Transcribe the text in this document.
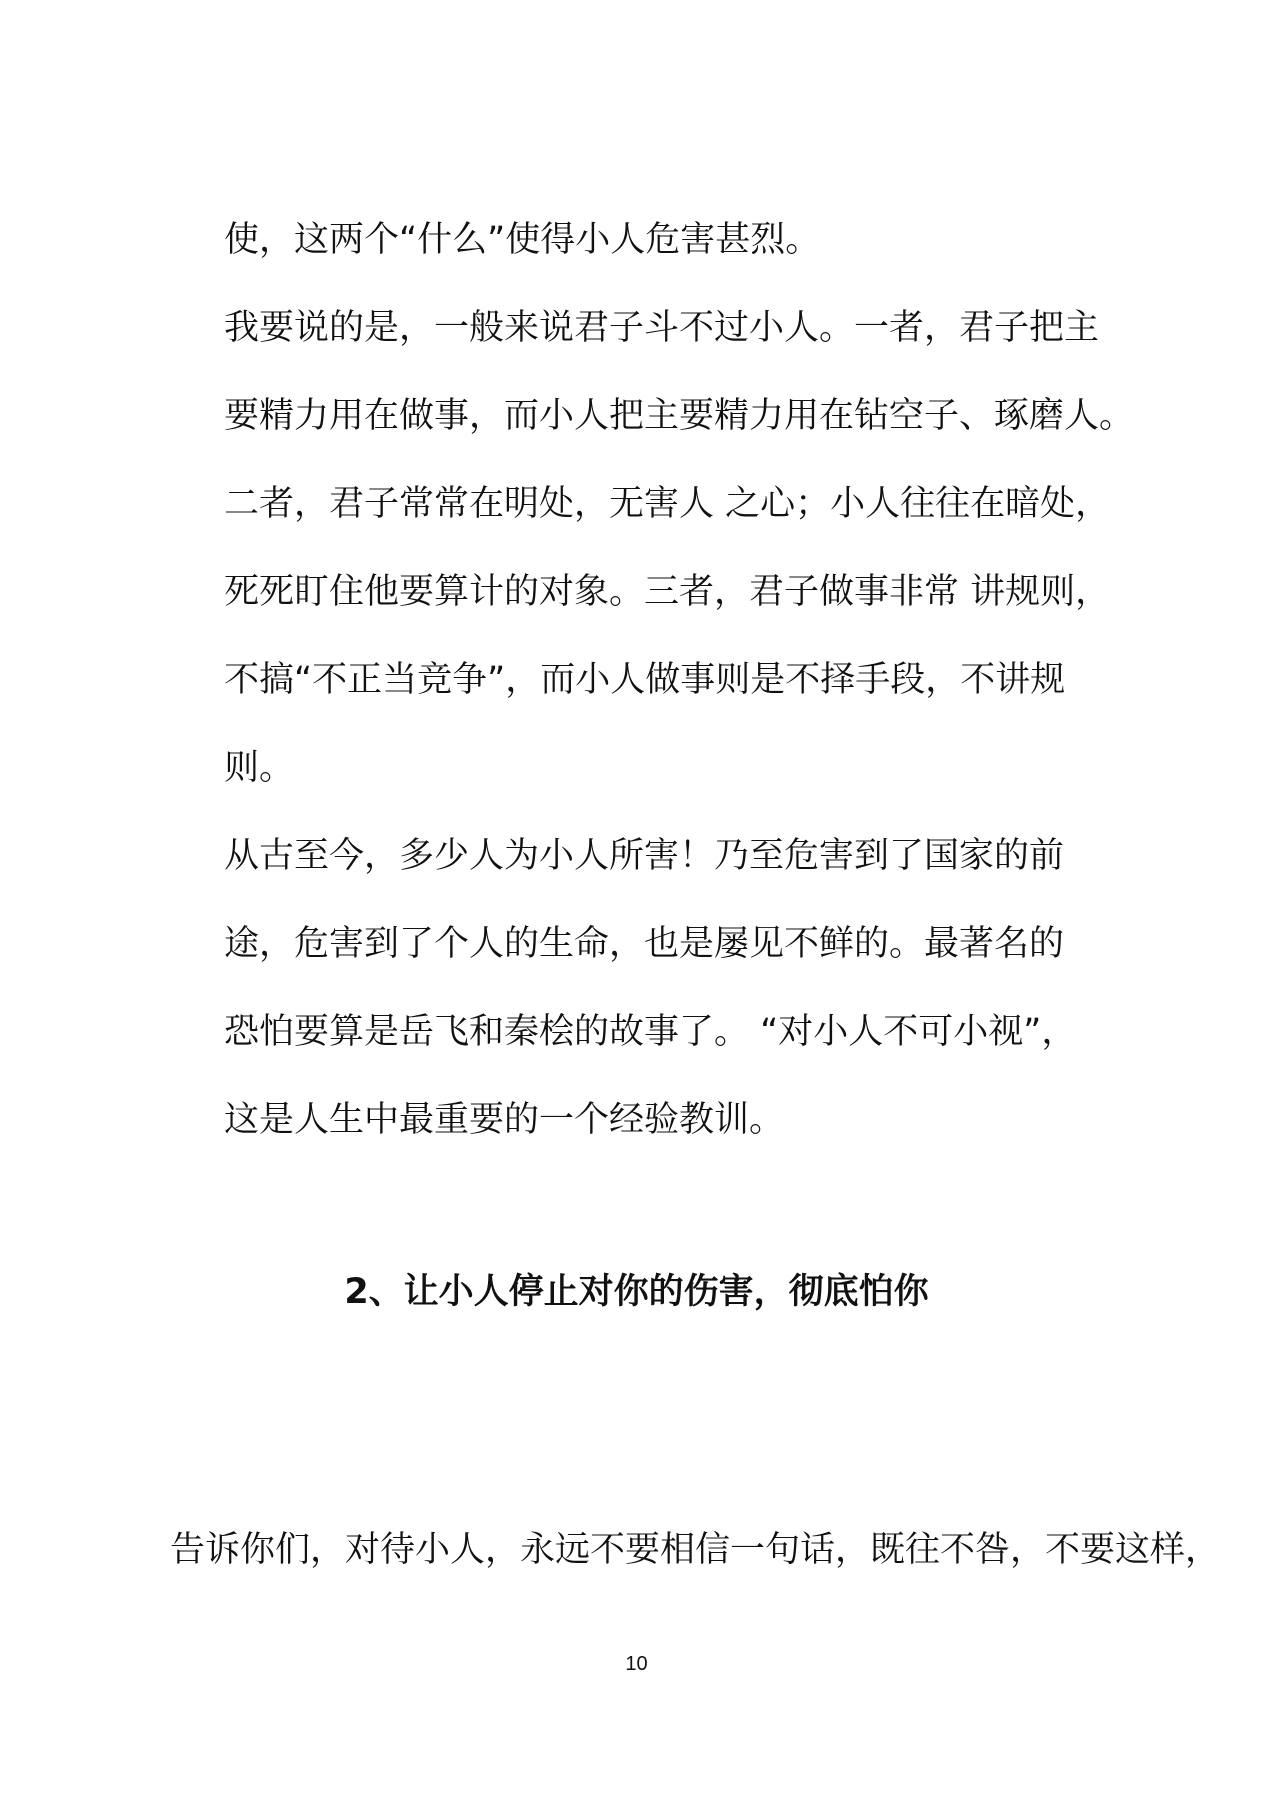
使，这两个“什么”使得小人危害甚烈。
我要说的是，一般来说君子斗不过小人。一者，君子把主
要精力用在做事，而小人把主要精力用在钻空子、琢磨人。
二者，君子常常在明处，无害人 之心；小人往往在暗处，
死死盯住他要算计的对象。三者，君子做事非常 讲规则，
不搞“不正当竞争”，而小人做事则是不择手段，不讲规
则。
从古至今，多少人为小人所害！乃至危害到了国家的前
途，危害到了个人的生命，也是屡见不鲜的。最著名的
恐怕要算是岳飞和秦桧的故事了。 “对小人不可小视”，
这是人生中最重要的一个经验教训。
2、让小人停止对你的伤害，彻底怕你
告诉你们，对待小人，永远不要相信一句话，既往不咎，不要这样，
10
